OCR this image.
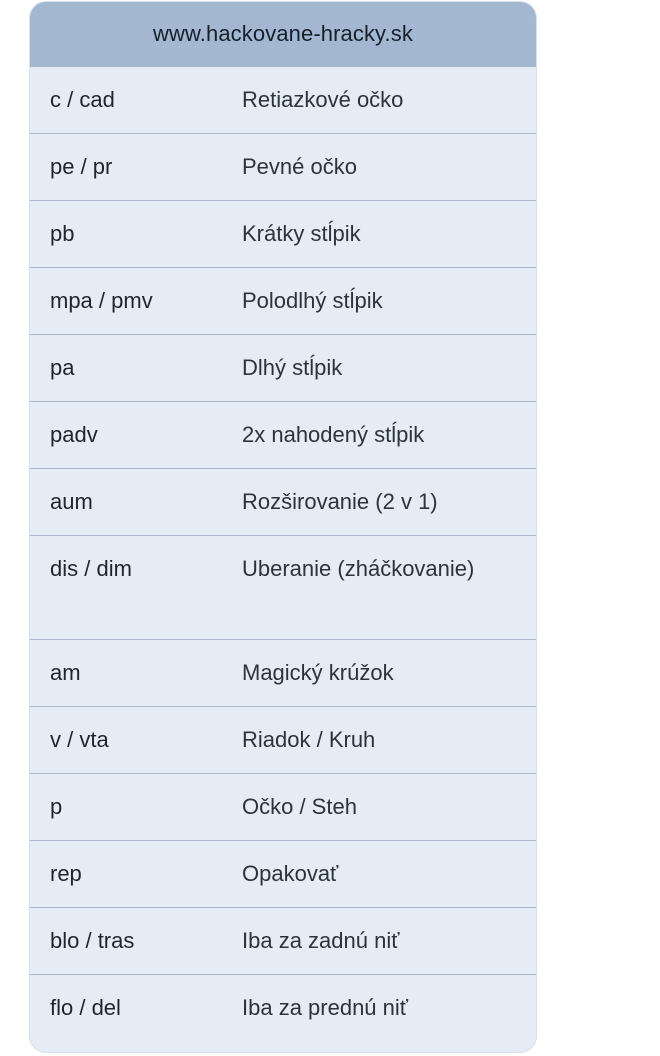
www.hackovane-hracky.sk
c / cad	Retiazkové očko
pe / pr	Pevné očko
pb	Krátky stĺpik
mpa / pmv	Polodlhý stĺpik
pa	Dlhý stĺpik
padv	2x nahodený stĺpik
aum	Rozširovanie (2 v 1)
dis / dim	Uberanie (zháčkovanie)
am	Magický krúžok
v / vta	Riadok / Kruh
p	Očko / Steh
rep	Opakovať
blo / tras	Iba za zadnú niť
flo / del	Iba za prednú niť
